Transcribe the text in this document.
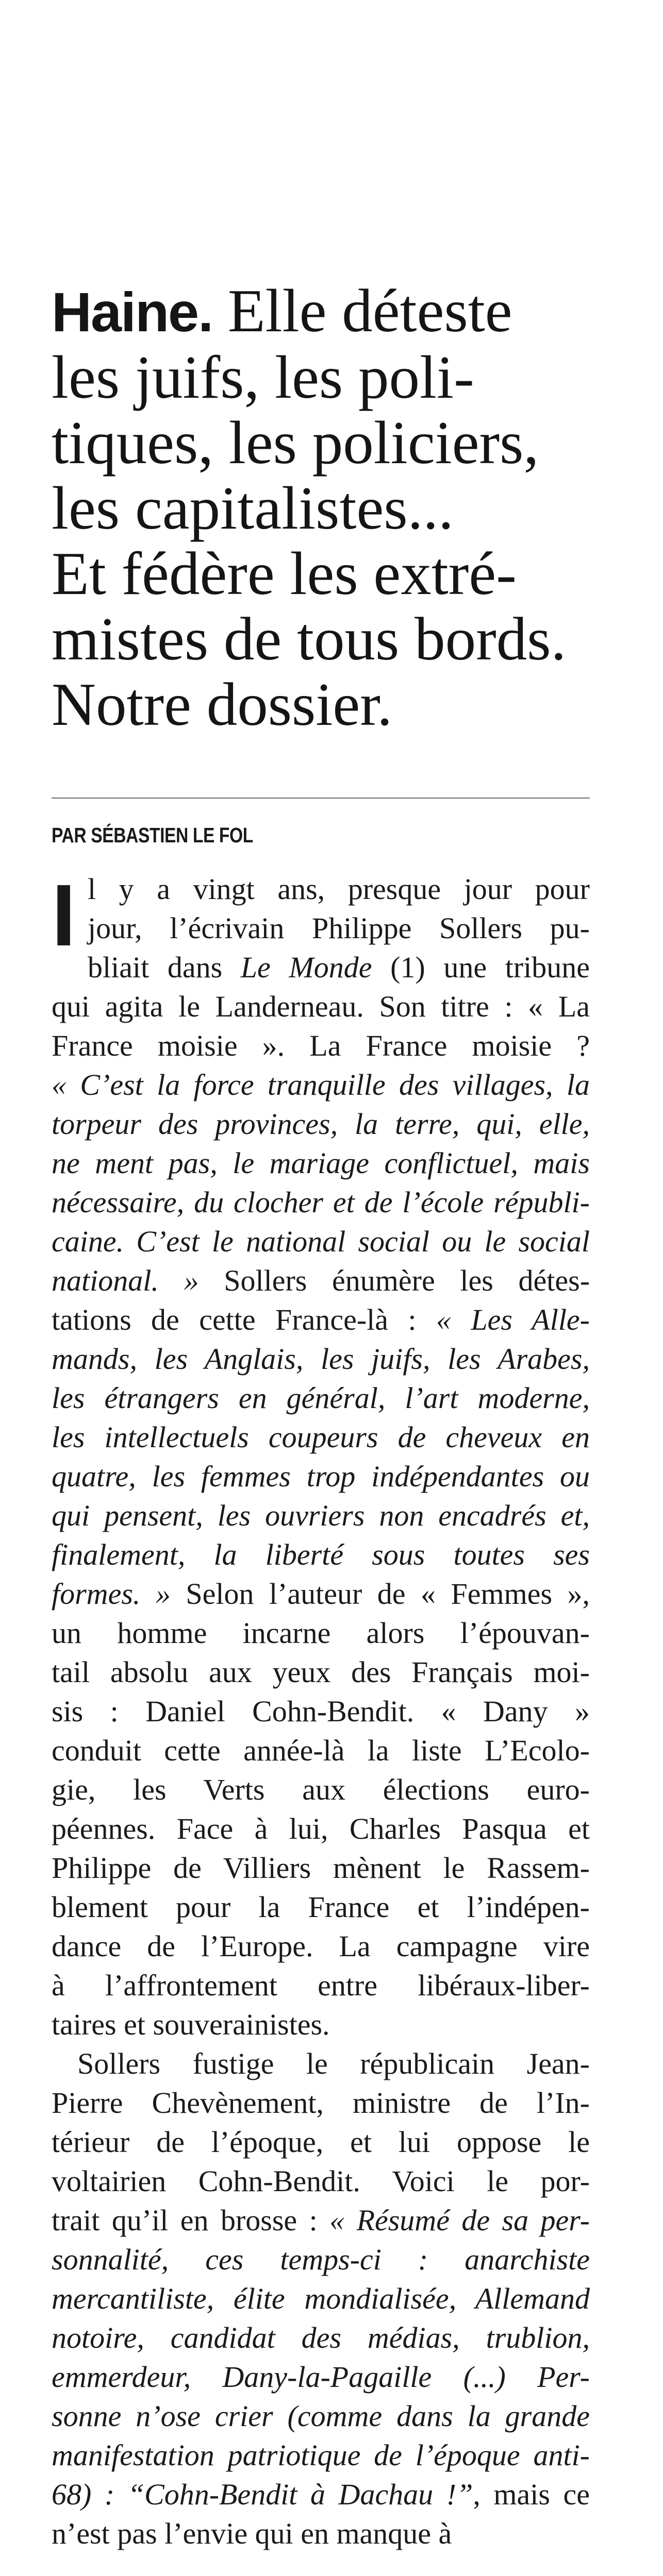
Haine. Elle déteste
les juifs, les poli-
tiques, les policiers,
les capitalistes...
Et fédère les extré-
mistes de tous bords.
Notre dossier.
PAR SÉBASTIEN LE FOL
I l y a vingt ans, presque jour pour
jour, l’écrivain Philippe Sollers pu-
bliait dans Le Monde (1) une tribune
qui agita le Landerneau. Son titre : « La
France moisie ». La France moisie ?
« C’est la force tranquille des villages, la
torpeur des provinces, la terre, qui, elle,
ne ment pas, le mariage conflictuel, mais
nécessaire, du clocher et de l’école républi-
caine. C’est le national social ou le social
national. » Sollers énumère les détes-
tations de cette France-là : « Les Alle-
mands, les Anglais, les juifs, les Arabes,
les étrangers en général, l’art moderne,
les intellectuels coupeurs de cheveux en
quatre, les femmes trop indépendantes ou
qui pensent, les ouvriers non encadrés et,
finalement, la liberté sous toutes ses
formes. » Selon l’auteur de « Femmes »,
un homme incarne alors l’épouvan-
tail absolu aux yeux des Français moi-
sis : Daniel Cohn-Bendit. « Dany »
conduit cette année-là la liste L’Ecolo-
gie, les Verts aux élections euro-
péennes. Face à lui, Charles Pasqua et
Philippe de Villiers mènent le Rassem-
blement pour la France et l’indépen-
dance de l’Europe. La campagne vire
à l’affrontement entre libéraux-liber-
taires et souverainistes.
Sollers fustige le républicain Jean-
Pierre Chevènement, ministre de l’In-
térieur de l’époque, et lui oppose le
voltairien Cohn-Bendit. Voici le por-
trait qu’il en brosse : « Résumé de sa per-
sonnalité, ces temps-ci : anarchiste
mercantiliste, élite mondialisée, Allemand
notoire, candidat des médias, trublion,
emmerdeur, Dany-la-Pagaille (...) Per-
sonne n’ose crier (comme dans la grande
manifestation patriotique de l’époque anti-
68) : “Cohn-Bendit à Dachau !”, mais ce
n’est pas l’envie qui en manque à
